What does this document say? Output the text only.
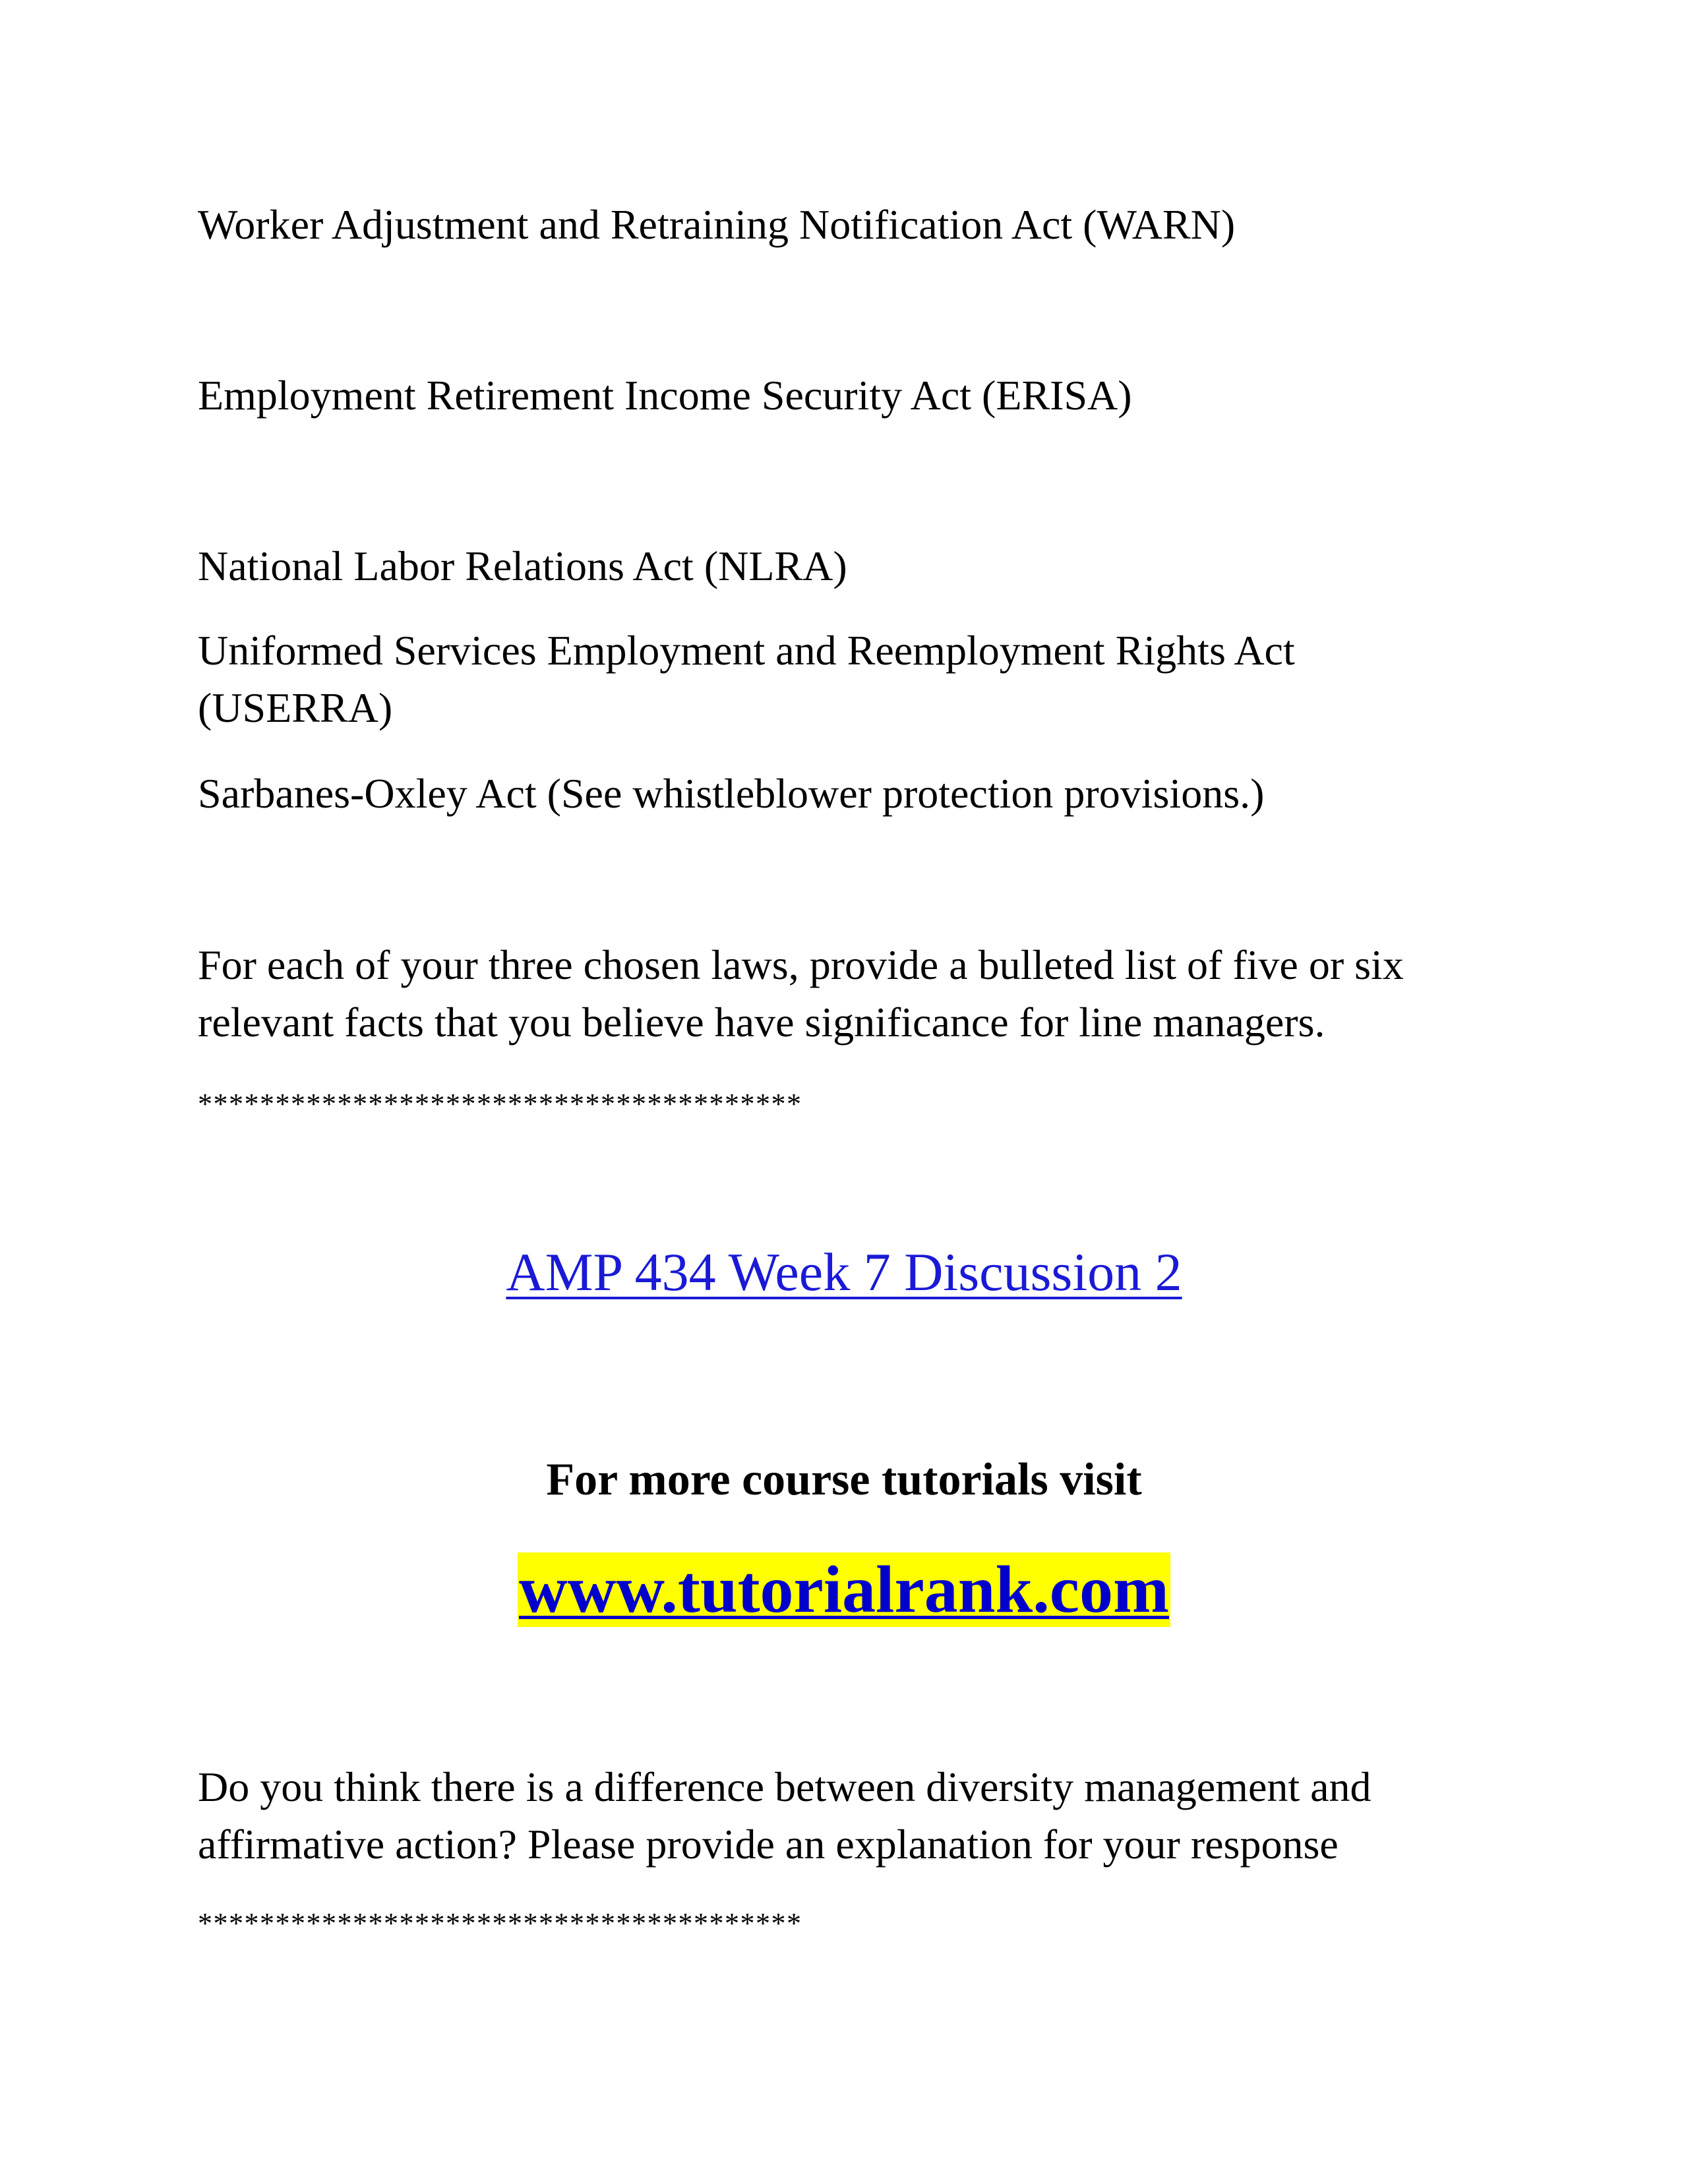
Worker Adjustment and Retraining Notification Act (WARN)

Employment Retirement Income Security Act (ERISA)

National Labor Relations Act (NLRA)

Uniformed Services Employment and Reemployment Rights Act

(USERRA)

Sarbanes-Oxley Act (See whistleblower protection provisions.)

For each of your three chosen laws, provide a bulleted list of five or six

relevant facts that you believe have significance for line managers.

***************************************

AMP 434 Week 7 Discussion 2

For more course tutorials visit

www.tutorialrank.com

Do you think there is a difference between diversity management and

affirmative action? Please provide an explanation for your response

***************************************
